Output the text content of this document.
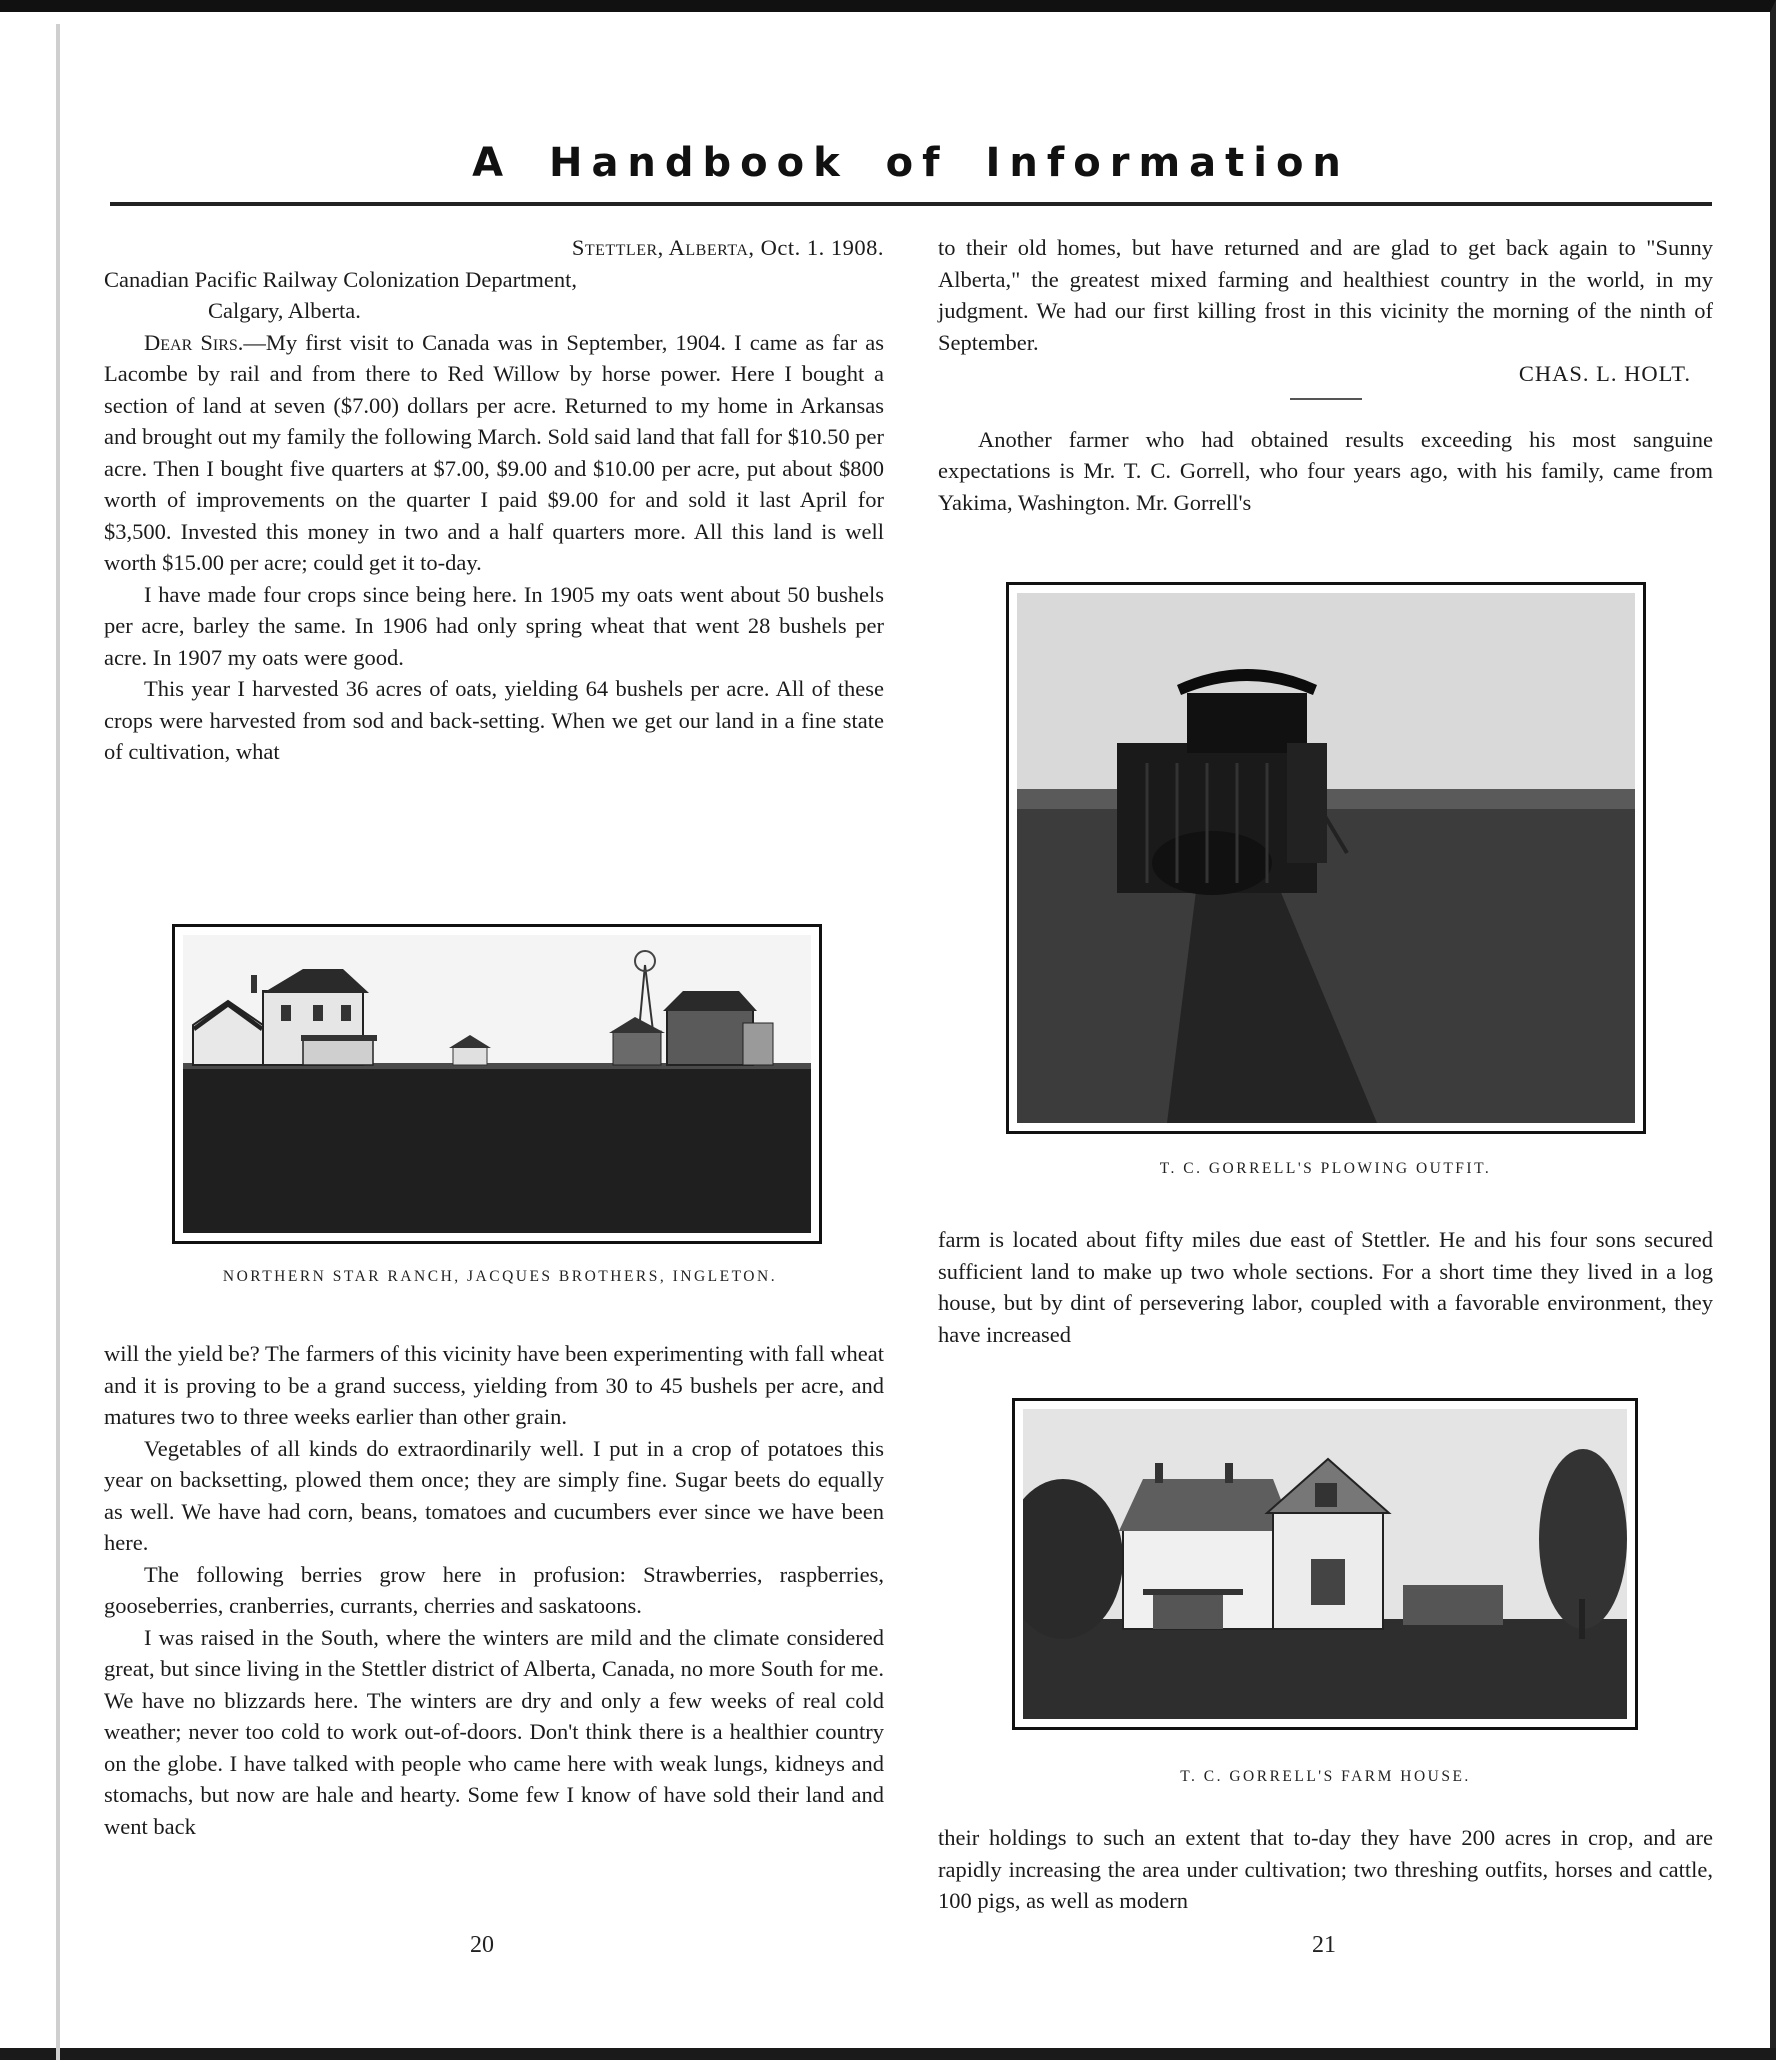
A Handbook of Information

Stettler, Alberta, Oct. 1. 1908.

Canadian Pacific Railway Colonization Department,

Calgary, Alberta.

Dear Sirs.—My first visit to Canada was in September, 1904. I came as far as Lacombe by rail and from there to Red Willow by horse power. Here I bought a section of land at seven ($7.00) dollars per acre. Returned to my home in Arkansas and brought out my family the following March. Sold said land that fall for $10.50 per acre. Then I bought five quarters at $7.00, $9.00 and $10.00 per acre, put about $800 worth of improvements on the quarter I paid $9.00 for and sold it last April for $3,500. Invested this money in two and a half quarters more. All this land is well worth $15.00 per acre; could get it to-day.

I have made four crops since being here. In 1905 my oats went about 50 bushels per acre, barley the same. In 1906 had only spring wheat that went 28 bushels per acre. In 1907 my oats were good.

This year I harvested 36 acres of oats, yielding 64 bushels per acre. All of these crops were harvested from sod and back-setting. When we get our land in a fine state of cultivation, what

NORTHERN STAR RANCH, JACQUES BROTHERS, INGLETON.

will the yield be? The farmers of this vicinity have been experimenting with fall wheat and it is proving to be a grand success, yielding from 30 to 45 bushels per acre, and matures two to three weeks earlier than other grain.

Vegetables of all kinds do extraordinarily well. I put in a crop of potatoes this year on backsetting, plowed them once; they are simply fine. Sugar beets do equally as well. We have had corn, beans, tomatoes and cucumbers ever since we have been here.

The following berries grow here in profusion: Strawberries, raspberries, gooseberries, cranberries, currants, cherries and saskatoons.

I was raised in the South, where the winters are mild and the climate considered great, but since living in the Stettler district of Alberta, Canada, no more South for me. We have no blizzards here. The winters are dry and only a few weeks of real cold weather; never too cold to work out-of-doors. Don't think there is a healthier country on the globe. I have talked with people who came here with weak lungs, kidneys and stomachs, but now are hale and hearty. Some few I know of have sold their land and went back

20

to their old homes, but have returned and are glad to get back again to "Sunny Alberta," the greatest mixed farming and healthiest country in the world, in my judgment. We had our first killing frost in this vicinity the morning of the ninth of September.

CHAS. L. HOLT.

Another farmer who had obtained results exceeding his most sanguine expectations is Mr. T. C. Gorrell, who four years ago, with his family, came from Yakima, Washington. Mr. Gorrell's

T. C. GORRELL'S PLOWING OUTFIT.

farm is located about fifty miles due east of Stettler. He and his four sons secured sufficient land to make up two whole sections. For a short time they lived in a log house, but by dint of persevering labor, coupled with a favorable environment, they have increased

T. C. GORRELL'S FARM HOUSE.

their holdings to such an extent that to-day they have 200 acres in crop, and are rapidly increasing the area under cultivation; two threshing outfits, horses and cattle, 100 pigs, as well as modern

21
